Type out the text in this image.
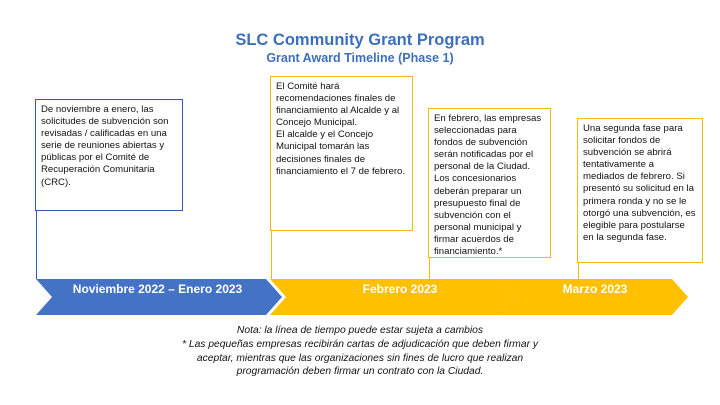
SLC Community Grant Program
Grant Award Timeline (Phase 1)

De noviembre a enero, las solicitudes de subvención son revisadas / calificadas en una serie de reuniones abiertas y públicas por el Comité de Recuperación Comunitaria (CRC).

El Comité hará recomendaciones finales de financiamiento al Alcalde y al Concejo Municipal.

El alcalde y el Concejo Municipal tomarán las decisiones finales de financiamiento el 7 de febrero.

En febrero, las empresas seleccionadas para fondos de subvención serán notificadas por el personal de la Ciudad. Los concesionarios deberán preparar un presupuesto final de subvención con el personal municipal y firmar acuerdos de financiamiento.*

Una segunda fase para solicitar fondos de subvención se abrirá tentativamente a mediados de febrero. Si presentó su solicitud en la primera ronda y no se le otorgó una subvención, es elegible para postularse en la segunda fase.

Noviembre 2022 – Enero 2023	Febrero 2023	Marzo 2023
Nota: la línea de tiempo puede estar sujeta a cambios
* Las pequeñas empresas recibirán cartas de adjudicación que deben firmar y aceptar, mientras que las organizaciones sin fines de lucro que realizan programación deben firmar un contrato con la Ciudad.
